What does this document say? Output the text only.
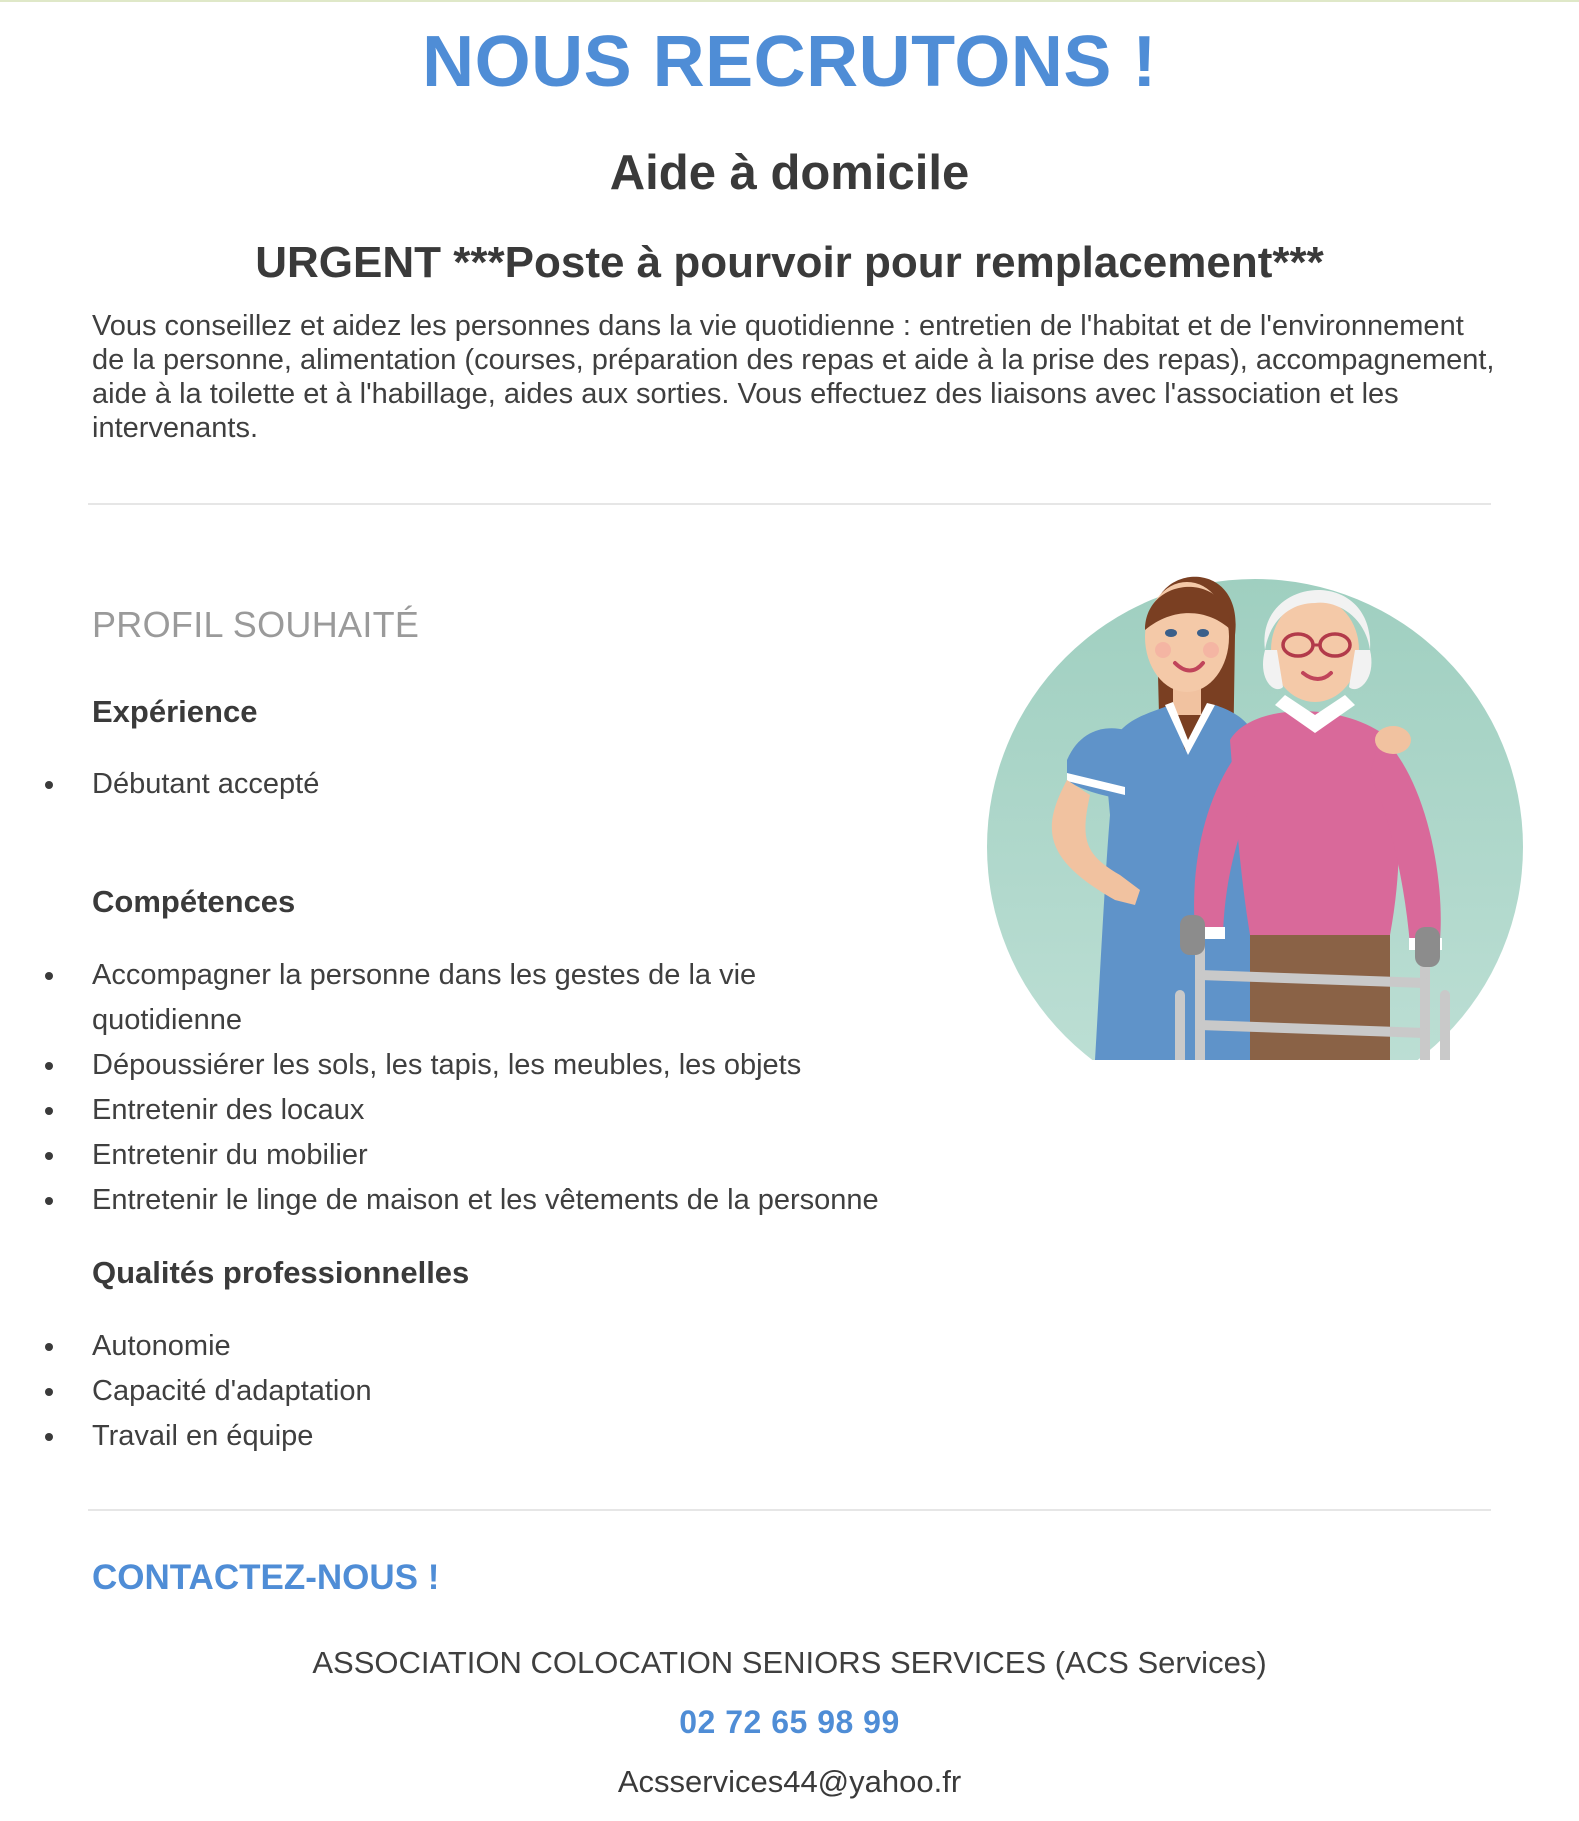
NOUS RECRUTONS !
Aide à domicile
URGENT ***Poste à pourvoir pour remplacement***

Vous conseillez et aidez les personnes dans la vie quotidienne : entretien de l'habitat et de l'environnement de la personne, alimentation (courses, préparation des repas et aide à la prise des repas), accompagnement, aide à la toilette et à l'habillage, aides aux sorties. Vous effectuez des liaisons avec l'association et les intervenants.

PROFIL SOUHAITÉ
Expérience
Débutant accepté
Compétences
Accompagner la personne dans les gestes de la vie quotidienne
Dépoussiérer les sols, les tapis, les meubles, les objets
Entretenir des locaux
Entretenir du mobilier
Entretenir le linge de maison et les vêtements de la personne
Qualités professionnelles
Autonomie
Capacité d'adaptation
Travail en équipe
CONTACTEZ-NOUS !
ASSOCIATION COLOCATION SENIORS SERVICES (ACS Services)
02 72 65 98 99
Acsservices44@yahoo.fr
